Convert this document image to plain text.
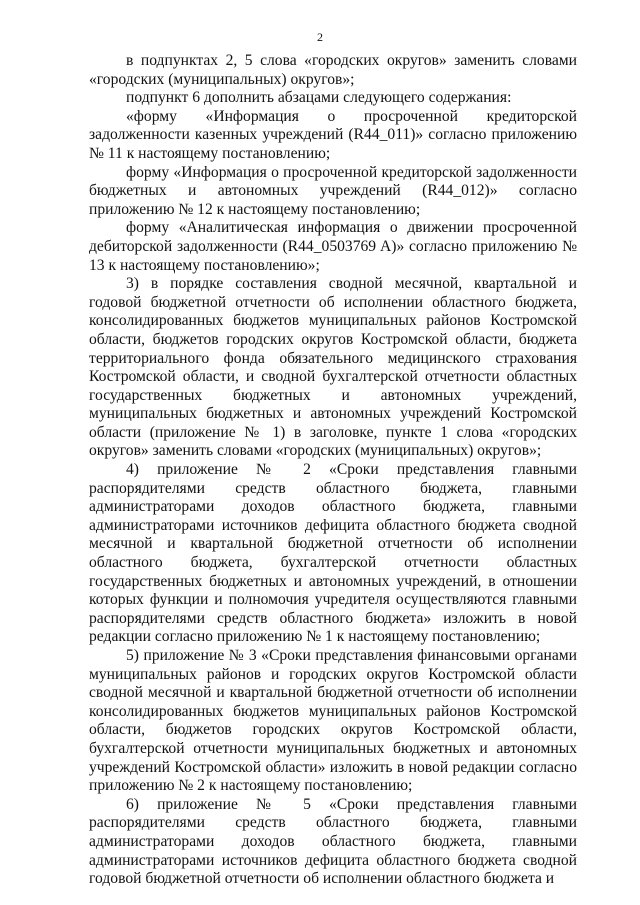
2

в подпунктах 2, 5 слова «городских округов» заменить словами «городских (муниципальных) округов»;

подпункт 6 дополнить абзацами следующего содержания:

«форму «Информация о просроченной кредиторской задолженности казенных учреждений (R44_011)» согласно приложению № 11 к настоящему постановлению;

форму «Информация о просроченной кредиторской задолженности бюджетных и автономных учреждений (R44_012)» согласно приложению № 12 к настоящему постановлению;

форму «Аналитическая информация о движении просроченной дебиторской задолженности (R44_0503769 A)» согласно приложению № 13 к настоящему постановлению»;

3) в порядке составления сводной месячной, квартальной и годовой бюджетной отчетности об исполнении областного бюджета, консолидированных бюджетов муниципальных районов Костромской области, бюджетов городских округов Костромской области, бюджета территориального фонда обязательного медицинского страхования Костромской области, и сводной бухгалтерской отчетности областных государственных бюджетных и автономных учреждений, муниципальных бюджетных и автономных учреждений Костромской области (приложение № 1) в заголовке, пункте 1 слова «городских округов» заменить словами «городских (муниципальных) округов»;

4) приложение № 2 «Сроки представления главными распорядителями средств областного бюджета, главными администраторами доходов областного бюджета, главными администраторами источников дефицита областного бюджета сводной месячной и квартальной бюджетной отчетности об исполнении областного бюджета, бухгалтерской отчетности областных государственных бюджетных и автономных учреждений, в отношении которых функции и полномочия учредителя осуществляются главными распорядителями средств областного бюджета» изложить в новой редакции согласно приложению № 1 к настоящему постановлению;

5) приложение № 3 «Сроки представления финансовыми органами муниципальных районов и городских округов Костромской области сводной месячной и квартальной бюджетной отчетности об исполнении консолидированных бюджетов муниципальных районов Костромской области, бюджетов городских округов Костромской области, бухгалтерской отчетности муниципальных бюджетных и автономных учреждений Костромской области» изложить в новой редакции согласно приложению № 2 к настоящему постановлению;

6) приложение № 5 «Сроки представления главными распорядителями средств областного бюджета, главными администраторами доходов областного бюджета, главными администраторами источников дефицита областного бюджета сводной годовой бюджетной отчетности об исполнении областного бюджета и
